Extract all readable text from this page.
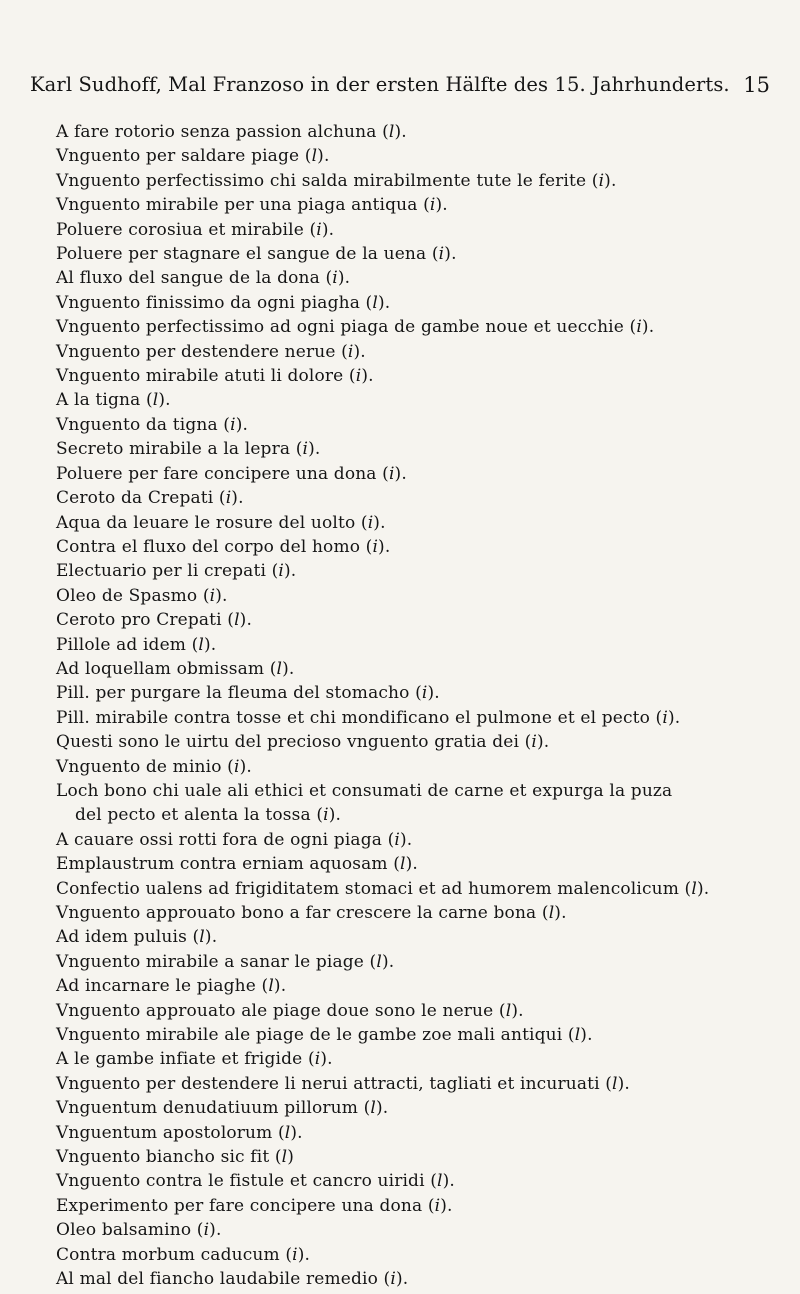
Karl Sudhoff, Mal Franzoso in der ersten Hälfte des 15. Jahrhunderts. 15
A fare rotorio senza passion alchuna (l).
Vnguento per saldare piage (l).
Vnguento perfectissimo chi salda mirabilmente tute le ferite (i).
Vnguento mirabile per una piaga antiqua (i).
Poluere corosiua et mirabile (i).
Poluere per stagnare el sangue de la uena (i).
Al fluxo del sangue de la dona (i).
Vnguento finissimo da ogni piagha (l).
Vnguento perfectissimo ad ogni piaga de gambe noue et uecchie (i).
Vnguento per destendere nerue (i).
Vnguento mirabile atuti li dolore (i).
A la tigna (l).
Vnguento da tigna (i).
Secreto mirabile a la lepra (i).
Poluere per fare concipere una dona (i).
Ceroto da Crepati (i).
Aqua da leuare le rosure del uolto (i).
Contra el fluxo del corpo del homo (i).
Electuario per li crepati (i).
Oleo de Spasmo (i).
Ceroto pro Crepati (l).
Pillole ad idem (l).
Ad loquellam obmissam (l).
Pill. per purgare la fleuma del stomacho (i).
Pill. mirabile contra tosse et chi mondificano el pulmone et el pecto (i).
Questi sono le uirtu del precioso vnguento gratia dei (i).
Vnguento de minio (i).
Loch bono chi uale ali ethici et consumati de carne et expurga la puza
del pecto et alenta la tossa (i).
A cauare ossi rotti fora de ogni piaga (i).
Emplaustrum contra erniam aquosam (l).
Confectio ualens ad frigiditatem stomaci et ad humorem malencolicum (l).
Vnguento approuato bono a far crescere la carne bona (l).
Ad idem puluis (l).
Vnguento mirabile a sanar le piage (l).
Ad incarnare le piaghe (l).
Vnguento approuato ale piage doue sono le nerue (l).
Vnguento mirabile ale piage de le gambe zoe mali antiqui (l).
A le gambe infiate et frigide (i).
Vnguento per destendere li nerui attracti, tagliati et incuruati (l).
Vnguentum denudatiuum pillorum (l).
Vnguentum apostolorum (l).
Vnguento biancho sic fit (l)
Vnguento contra le fistule et cancro uiridi (l).
Experimento per fare concipere una dona (i).
Oleo balsamino (i).
Contra morbum caducum (i).
Al mal del fiancho laudabile remedio (i).
